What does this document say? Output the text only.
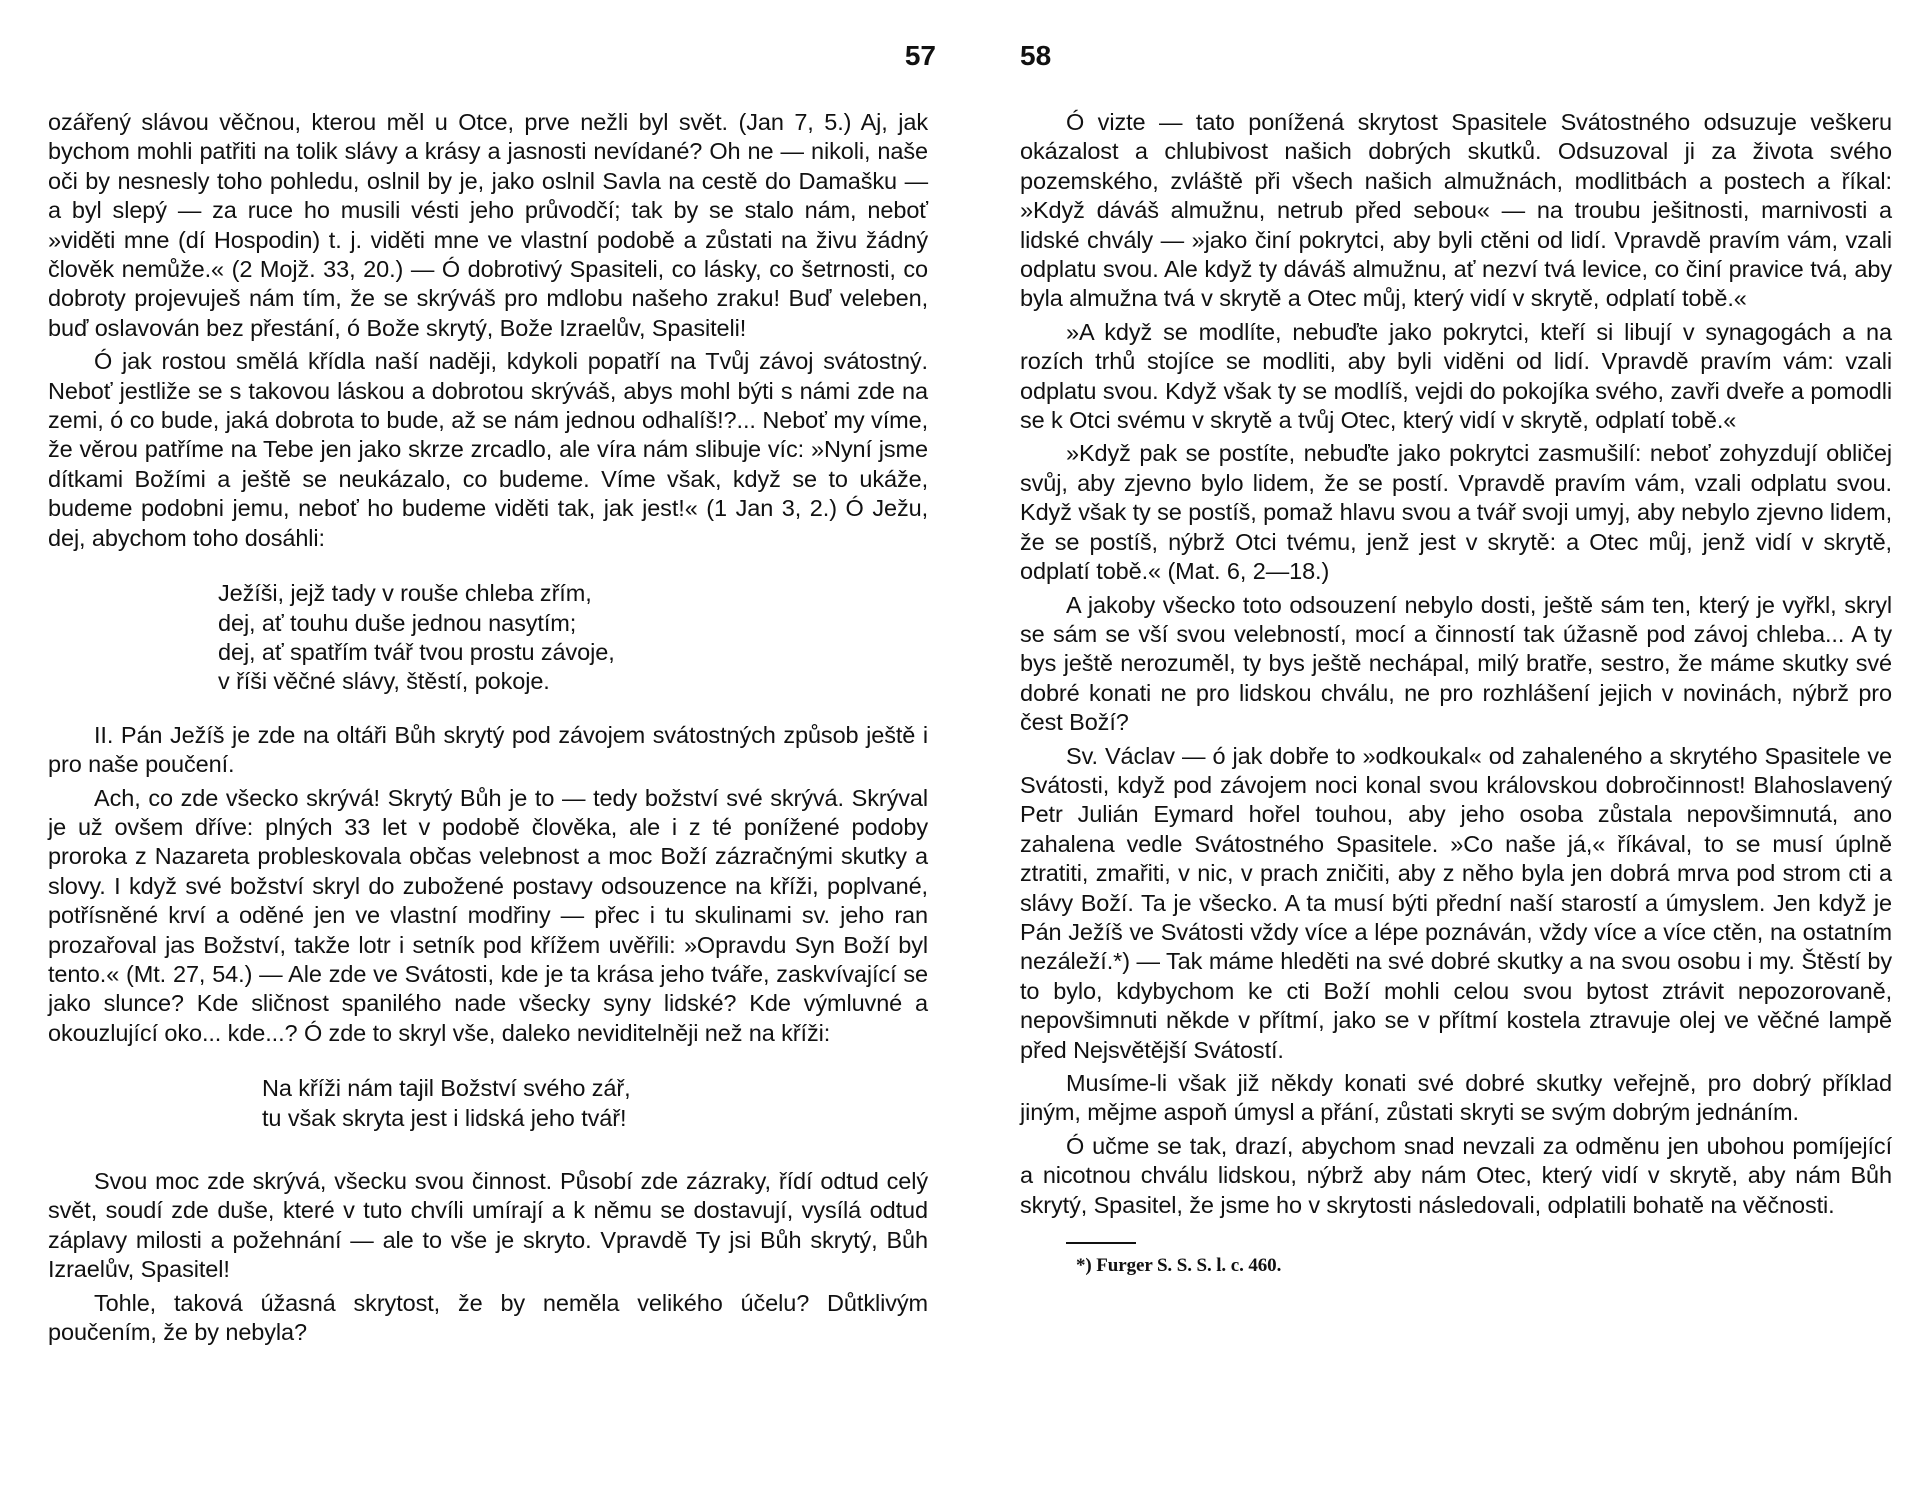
57

ozářený slávou věčnou, kterou měl u Otce, prve nežli byl svět. (Jan 7, 5.) Aj, jak bychom mohli patřiti na tolik slávy a krásy a jasnosti nevídané? Oh ne — nikoli, naše oči by nesnesly toho pohledu, oslnil by je, jako oslnil Savla na cestě do Damašku — a byl slepý — za ruce ho musili vésti jeho průvodčí; tak by se stalo nám, neboť »viděti mne (dí Hospodin) t. j. viděti mne ve vlastní podobě a zůstati na živu žádný člověk nemůže.« (2 Mojž. 33, 20.) — Ó dobrotivý Spasiteli, co lásky, co šetrnosti, co dobroty projevuješ nám tím, že se skrýváš pro mdlobu našeho zraku! Buď veleben, buď oslavován bez přestání, ó Bože skrytý, Bože Izraelův, Spasiteli!

Ó jak rostou smělá křídla naší naději, kdykoli popatří na Tvůj závoj svátostný. Neboť jestliže se s takovou láskou a dobrotou skrýváš, abys mohl býti s námi zde na zemi, ó co bude, jaká dobrota to bude, až se nám jednou odhalíš!?... Neboť my víme, že věrou patříme na Tebe jen jako skrze zrcadlo, ale víra nám slibuje víc: »Nyní jsme dítkami Božími a ještě se neukázalo, co budeme. Víme však, když se to ukáže, budeme podobni jemu, neboť ho budeme viděti tak, jak jest!« (1 Jan 3, 2.) Ó Ježu, dej, abychom toho dosáhli:

Ježíši, jejž tady v rouše chleba zřím,
dej, ať touhu duše jednou nasytím;
dej, ať spatřím tvář tvou prostu závoje,
v říši věčné slávy, štěstí, pokoje.

II. Pán Ježíš je zde na oltáři Bůh skrytý pod závojem svátostných způsob ještě i pro naše poučení.

Ach, co zde všecko skrývá! Skrytý Bůh je to — tedy božství své skrývá. Skrýval je už ovšem dříve: plných 33 let v podobě člověka, ale i z té ponížené podoby proroka z Nazareta probleskovala občas velebnost a moc Boží zázračnými skutky a slovy. I když své božství skryl do zubožené postavy odsouzence na kříži, poplvané, potřísněné krví a oděné jen ve vlastní modřiny — přec i tu skulinami sv. jeho ran prozařoval jas Božství, takže lotr i setník pod křížem uvěřili: »Opravdu Syn Boží byl tento.« (Mt. 27, 54.) — Ale zde ve Svátosti, kde je ta krása jeho tváře, zaskvívající se jako slunce? Kde sličnost spanilého nade všecky syny lidské? Kde výmluvné a okouzlující oko... kde...? Ó zde to skryl vše, daleko neviditelněji než na kříži:

Na kříži nám tajil Božství svého zář,
tu však skryta jest i lidská jeho tvář!

Svou moc zde skrývá, všecku svou činnost. Působí zde zázraky, řídí odtud celý svět, soudí zde duše, které v tuto chvíli umírají a k němu se dostavují, vysílá odtud záplavy milosti a požehnání — ale to vše je skryto. Vpravdě Ty jsi Bůh skrytý, Bůh Izraelův, Spasitel!

Tohle, taková úžasná skrytost, že by neměla velikého účelu? Důtklivým poučením, že by nebyla?

58

Ó vizte — tato ponížená skrytost Spasitele Svátostného odsuzuje veškeru okázalost a chlubivost našich dobrých skutků. Odsuzoval ji za života svého pozemského, zvláště při všech našich almužnách, modlitbách a postech a říkal: »Když dáváš almužnu, netrub před sebou« — na troubu ješitnosti, marnivosti a lidské chvály — »jako činí pokrytci, aby byli ctěni od lidí. Vpravdě pravím vám, vzali odplatu svou. Ale když ty dáváš almužnu, ať nezví tvá levice, co činí pravice tvá, aby byla almužna tvá v skrytě a Otec můj, který vidí v skrytě, odplatí tobě.«

»A když se modlíte, nebuďte jako pokrytci, kteří si libují v synagogách a na rozích trhů stojíce se modliti, aby byli viděni od lidí. Vpravdě pravím vám: vzali odplatu svou. Když však ty se modlíš, vejdi do pokojíka svého, zavři dveře a pomodli se k Otci svému v skrytě a tvůj Otec, který vidí v skrytě, odplatí tobě.«

»Když pak se postíte, nebuďte jako pokrytci zasmušilí: neboť zohyzdují obličej svůj, aby zjevno bylo lidem, že se postí. Vpravdě pravím vám, vzali odplatu svou. Když však ty se postíš, pomaž hlavu svou a tvář svoji umyj, aby nebylo zjevno lidem, že se postíš, nýbrž Otci tvému, jenž jest v skrytě: a Otec můj, jenž vidí v skrytě, odplatí tobě.« (Mat. 6, 2—18.)

A jakoby všecko toto odsouzení nebylo dosti, ještě sám ten, který je vyřkl, skryl se sám se vší svou velebností, mocí a činností tak úžasně pod závoj chleba... A ty bys ještě nerozuměl, ty bys ještě nechápal, milý bratře, sestro, že máme skutky své dobré konati ne pro lidskou chválu, ne pro rozhlášení jejich v novinách, nýbrž pro čest Boží?

Sv. Václav — ó jak dobře to »odkoukal« od zahaleného a skrytého Spasitele ve Svátosti, když pod závojem noci konal svou královskou dobročinnost! Blahoslavený Petr Julián Eymard hořel touhou, aby jeho osoba zůstala nepovšimnutá, ano zahalena vedle Svátostného Spasitele. »Co naše já,« říkával, to se musí úplně ztratiti, zmařiti, v nic, v prach zničiti, aby z něho byla jen dobrá mrva pod strom cti a slávy Boží. Ta je všecko. A ta musí býti přední naší starostí a úmyslem. Jen když je Pán Ježíš ve Svátosti vždy více a lépe poznáván, vždy více a více ctěn, na ostatním nezáleží.*) — Tak máme hleděti na své dobré skutky a na svou osobu i my. Štěstí by to bylo, kdybychom ke cti Boží mohli celou svou bytost ztrávit nepozorovaně, nepovšimnuti někde v přítmí, jako se v přítmí kostela ztravuje olej ve věčné lampě před Nejsvětější Svátostí.

Musíme-li však již někdy konati své dobré skutky veřejně, pro dobrý příklad jiným, mějme aspoň úmysl a přání, zůstati skryti se svým dobrým jednáním.

Ó učme se tak, drazí, abychom snad nevzali za odměnu jen ubohou pomíjející a nicotnou chválu lidskou, nýbrž aby nám Otec, který vidí v skrytě, aby nám Bůh skrytý, Spasitel, že jsme ho v skrytosti následovali, odplatili bohatě na věčnosti.

*) Furger S. S. S. l. c. 460.
